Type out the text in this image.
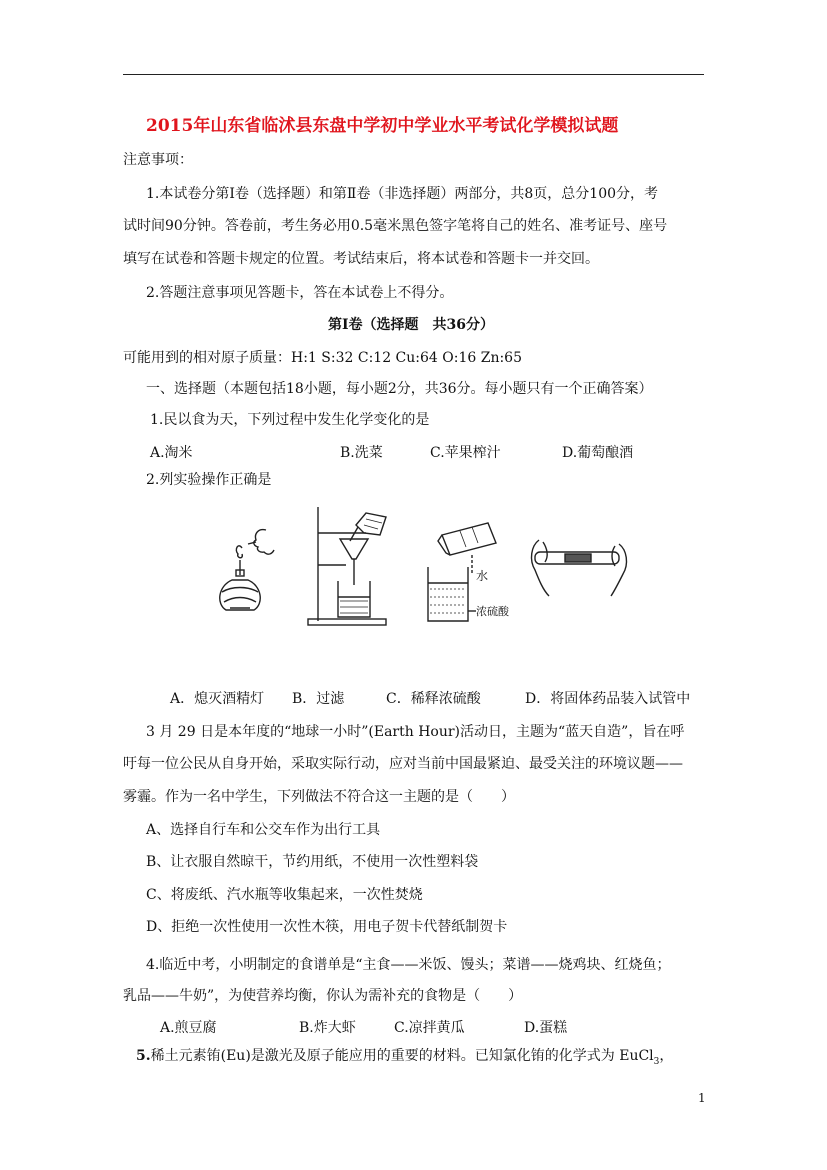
2015年山东省临沭县东盘中学初中学业水平考试化学模拟试题
注意事项：
1.本试卷分第Ⅰ卷（选择题）和第Ⅱ卷（非选择题）两部分，共8页，总分100分，考
试时间90分钟。答卷前，考生务必用0.5毫米黑色签字笔将自己的姓名、准考证号、座号
填写在试卷和答题卡规定的位置。考试结束后，将本试卷和答题卡一并交回。
2.答题注意事项见答题卡，答在本试卷上不得分。
第Ⅰ卷（选择题　共36分）
可能用到的相对原子质量：H:1 S:32 C:12 Cu:64 O:16 Zn:65
一、选择题（本题包括18小题，每小题2分，共36分。每小题只有一个正确答案）
1.民以食为天，下列过程中发生化学变化的是
A.淘米	B.洗菜	C.苹果榨汁	D.葡萄酿酒
2.列实验操作正确是
水
浓硫酸
A．熄灭酒精灯 B．过滤	C．稀释浓硫酸	D．将固体药品装入试管中
3 月 29 日是本年度的“地球一小时”(Earth Hour)活动日，主题为“蓝天自造”，旨在呼
吁每一位公民从自身开始，采取实际行动，应对当前中国最紧迫、最受关注的环境议题——
雾霾。作为一名中学生，下列做法不符合这一主题的是（　　）
A、选择自行车和公交车作为出行工具
B、让衣服自然晾干，节约用纸，不使用一次性塑料袋
C、将废纸、汽水瓶等收集起来，一次性焚烧
D、拒绝一次性使用一次性木筷，用电子贺卡代替纸制贺卡
4.临近中考，小明制定的食谱单是“主食——米饭、馒头；菜谱——烧鸡块、红烧鱼；
乳品——牛奶”，为使营养均衡，你认为需补充的食物是（　　）
A.煎豆腐	B.炸大虾	C.凉拌黄瓜	D.蛋糕
5.稀土元素铕(Eu)是激光及原子能应用的重要的材料。已知氯化铕的化学式为 EuCl$_3$，
1
